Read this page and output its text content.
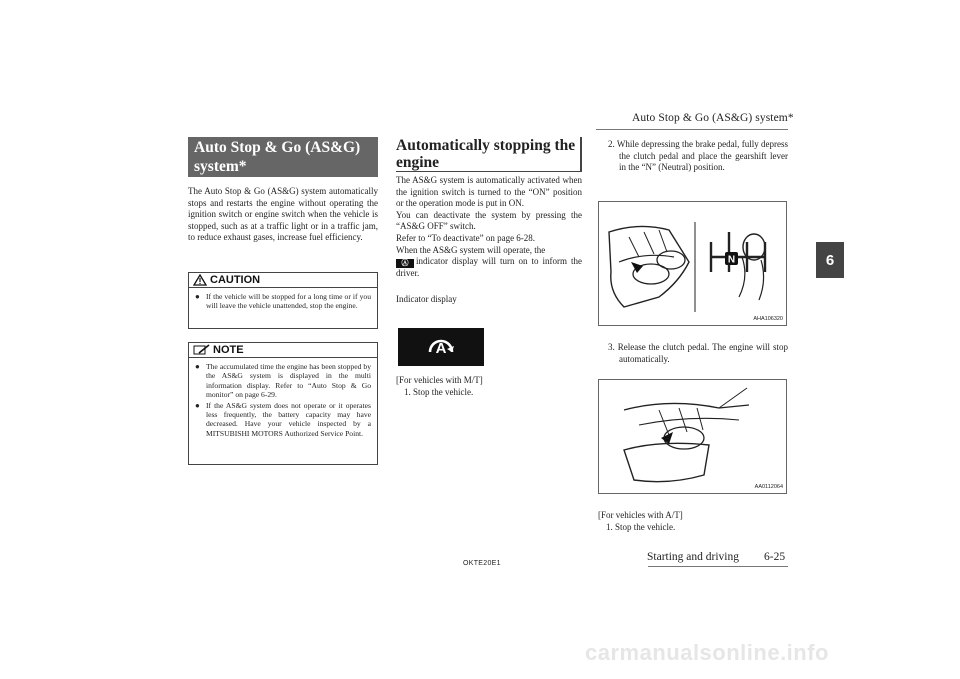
Auto Stop & Go (AS&G) system*
6
Auto Stop & Go (AS&G) system*
The Auto Stop & Go (AS&G) system automatically stops and restarts the engine without operating the ignition switch or engine switch when the vehicle is stopped, such as at a traffic light or in a traffic jam, to reduce exhaust gases, increase fuel efficiency.
CAUTION
● If the vehicle will be stopped for a long time or if you will leave the vehicle unattended, stop the engine.
NOTE
● The accumulated time the engine has been stopped by the AS&G system is displayed in the multi information display. Refer to “Auto Stop & Go monitor” on page 6-29.
● If the AS&G system does not operate or it operates less frequently, the battery capacity may have decreased. Have your vehicle inspected by a MITSUBISHI MOTORS Authorized Service Point.
Automatically stopping the engine
The AS&G system is automatically activated when the ignition switch is turned to the “ON” position or the operation mode is put in ON.
You can deactivate the system by pressing the “AS&G OFF” switch.
Refer to “To deactivate” on page 6-28.
When the AS&G system will operate, the
Ⓐ indicator display will turn on to inform the driver.
Indicator display
A
[For vehicles with M/T]
1. Stop the vehicle.
2. While depressing the brake pedal, fully depress the clutch pedal and place the gearshift lever in the “N” (Neutral) position.
N
AHA106320
3. Release the clutch pedal. The engine will stop automatically.
AA0112064
[For vehicles with A/T]
1. Stop the vehicle.
OKTE20E1
Starting and driving 6-25
carmanualsonline.info
